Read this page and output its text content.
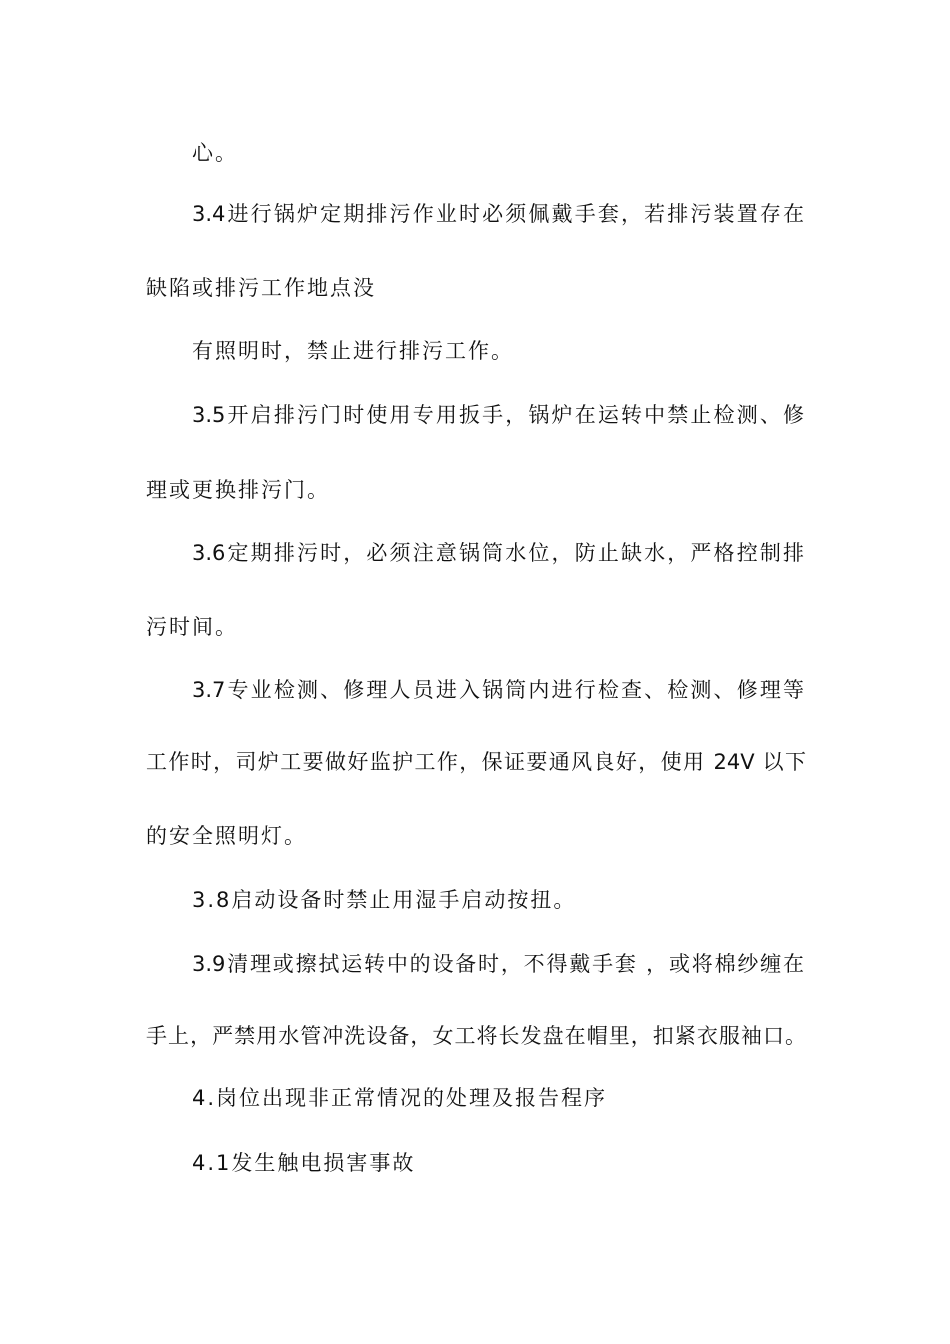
心。
3.4进行锅炉定期排污作业时必须佩戴手套，若排污装置存在
缺陷或排污工作地点没
有照明时，禁止进行排污工作。
3.5开启排污门时使用专用扳手，锅炉在运转中禁止检测、修
理或更换排污门。
3.6定期排污时，必须注意锅筒水位，防止缺水，严格控制排
污时间。
3.7专业检测、修理人员进入锅筒内进行检查、检测、修理等
工作时，司炉工要做好监护工作，保证要通风良好，使用 24V 以下
的安全照明灯。
3.8启动设备时禁止用湿手启动按扭。
3.9清理或擦拭运转中的设备时，不得戴手套 ，或将棉纱缠在
手上，严禁用水管冲洗设备，女工将长发盘在帽里，扣紧衣服袖口。
4.岗位出现非正常情况的处理及报告程序
4.1发生触电损害事故
